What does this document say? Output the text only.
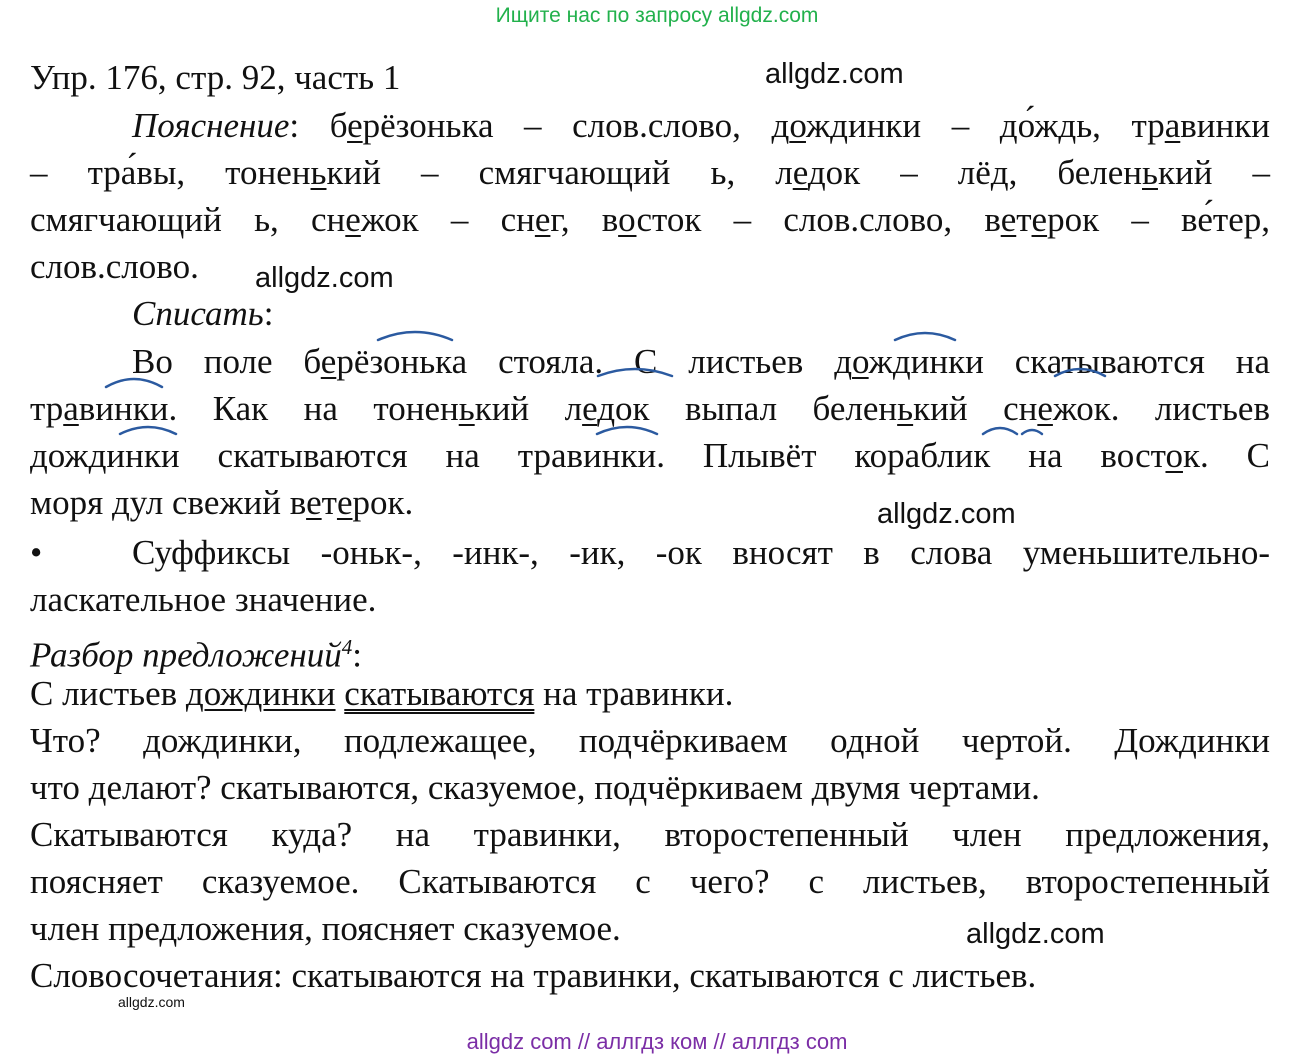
Ищите нас по запросу allgdz.com
allgdz com // аллгдз ком // аллгдз com
allgdz.com
allgdz.com
allgdz.com
allgdz.com
allgdz.com
Упр. 176, стр. 92, часть 1
Пояснение: берёзонька – слов.слово, дождинки – до́ждь, травинки
– тра́вы, тоненький – смягчающий ь, ледок – лёд, беленький –
смягчающий ь, снежок – снег, восток – слов.слово, ветерок – ве́тер,
слов.слово.
Списать:
Во поле берёзонька стояла. С листьев дождинки скатываются на
травинки. Как на тоненький ледок выпал беленький снежок. листьев
дождинки скатываются на травинки. Плывёт кораблик на восток. С
моря дул свежий ветерок.
•	Суффиксы -оньк-, -инк-, -ик, -ок вносят в слова уменьшительно-
ласкательное значение.
Разбор предложений$^4$:
С листьев дождинки скатываются на травинки.
Что? дождинки, подлежащее, подчёркиваем одной чертой. Дождинки
что делают? скатываются, сказуемое, подчёркиваем двумя чертами.
Скатываются куда? на травинки, второстепенный член предложения,
поясняет сказуемое. Скатываются с чего? с листьев, второстепенный
член предложения, поясняет сказуемое.
Словосочетания: скатываются на травинки, скатываются с листьев.
